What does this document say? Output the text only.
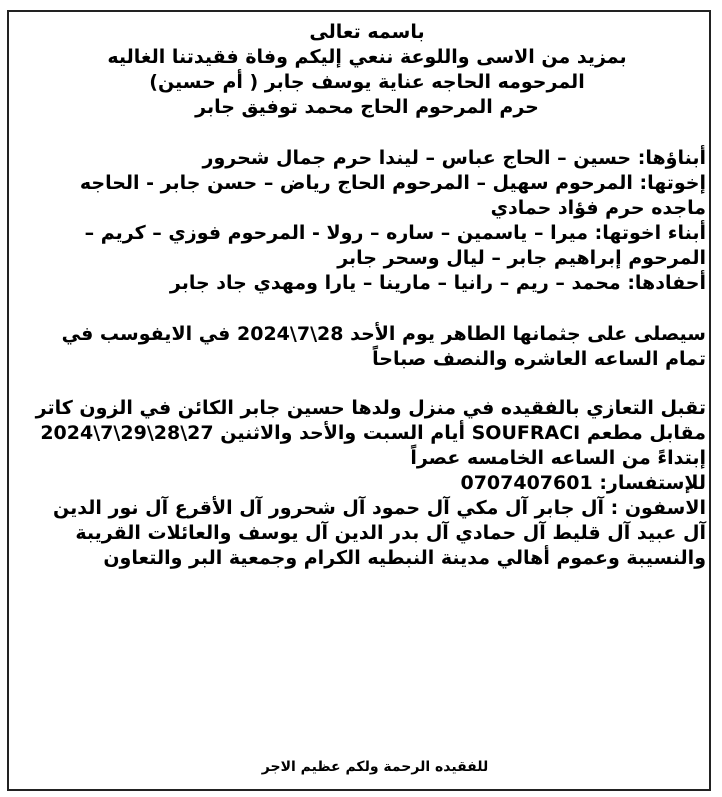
باسمه تعالى
بمزيد من الاسى واللوعة ننعي إليكم وفاة فقيدتنا الغاليه
المرحومه الحاجه عناية يوسف جابر ( أم حسين)
حرم المرحوم الحاج محمد توفيق جابر
أبناؤها: حسين – الحاج عباس – ليندا حرم جمال شحرور
إخوتها: المرحوم سهيل – المرحوم الحاج رياض – حسن جابر - الحاجه ماجده حرم فؤاد حمادي
أبناء اخوتها: ميرا – ياسمين – ساره – رولا - المرحوم فوزي – كريم – المرحوم إبراهيم جابر – ليال وسحر جابر
أحفادها: محمد – ريم – رانيا – مارينا – يارا ومهدي جاد جابر
سيصلى على جثمانها الطاهر يوم الأحد 28\7\2024 في الايفوسب في تمام الساعه العاشره والنصف صباحاً
تقبل التعازي بالفقيده في منزل ولدها حسين جابر الكائن في الزون كاتر مقابل مطعم SOUFRACI أيام السبت والأحد والاثنين 27\28\29\7\2024
إبتداءً من الساعه الخامسه عصراً
للإستفسار: 0707407601
الاسفون : آل جابر آل مكي آل حمود آل شحرور آل الأقرع آل نور الدين آل عبيد آل قليط آل حمادي آل بدر الدين آل يوسف والعائلات القريبة والنسيبة وعموم أهالي مدينة النبطيه الكرام وجمعية البر والتعاون
للفقيده الرحمة ولكم عظيم الاجر
